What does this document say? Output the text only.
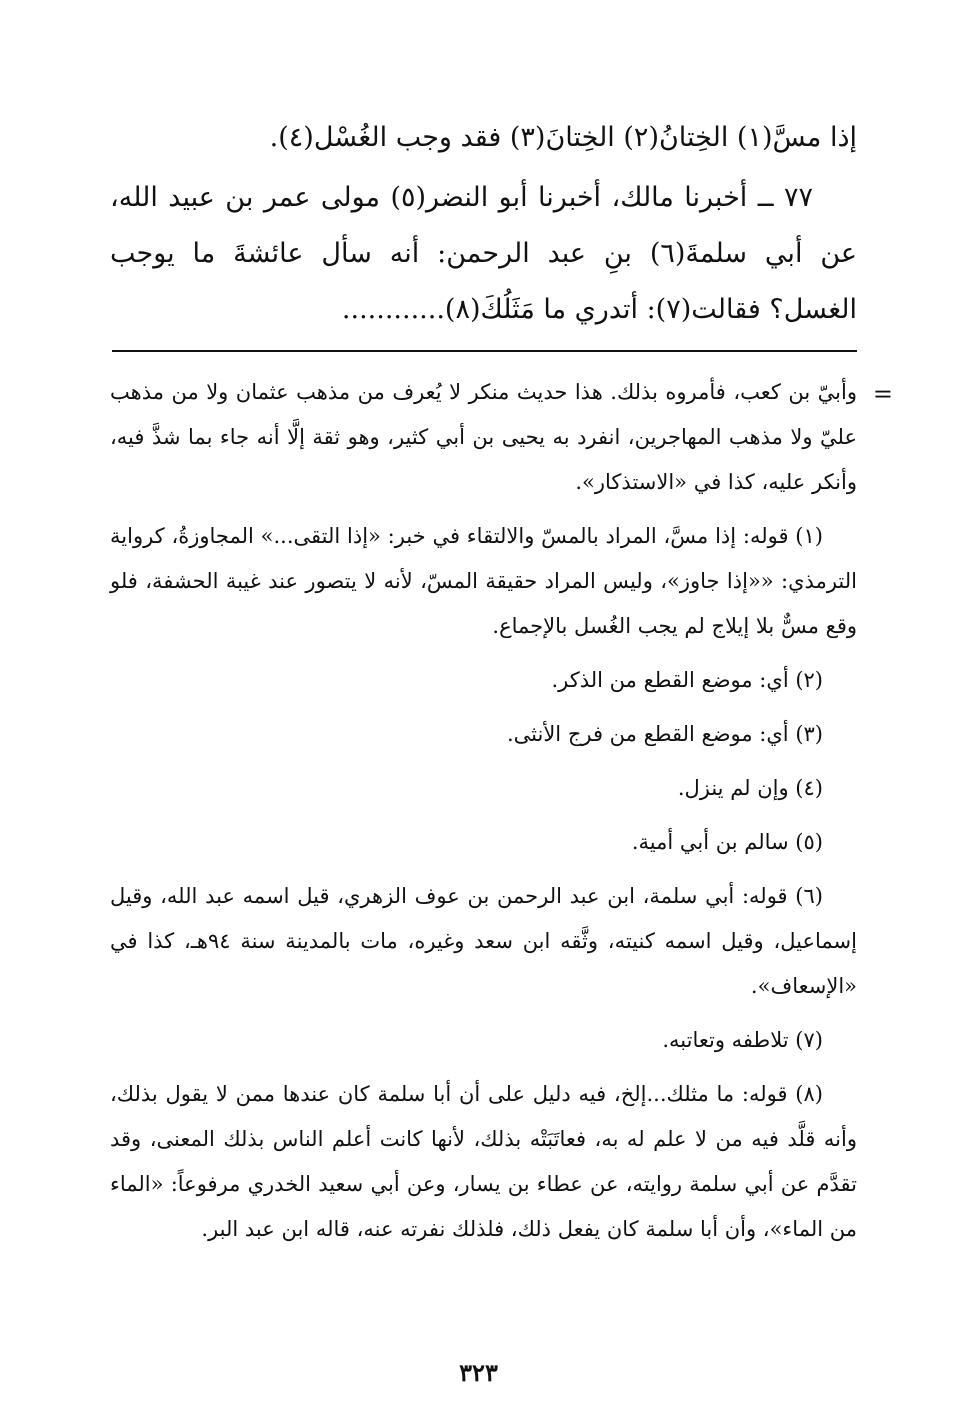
إذا مسَّ(١) الخِتانُ(٢) الخِتانَ(٣) فقد وجب الغُسْل(٤).

٧٧ ــ أخبرنا مالك، أخبرنا أبو النضر(٥) مولى عمر بن عبيد الله، عن أبي سلمةَ(٦) بنِ عبد الرحمن: أنه سأل عائشةَ ما يوجب الغسل؟ فقالت(٧): أتدري ما مَثَلُكَ(٨)............

=

وأبيّ بن كعب، فأمروه بذلك. هذا حديث منكر لا يُعرف من مذهب عثمان ولا من مذهب عليّ ولا مذهب المهاجرين، انفرد به يحيى بن أبي كثير، وهو ثقة إلَّا أنه جاء بما شذَّ فيه، وأنكر عليه، كذا في «الاستذكار».

(١) قوله: إذا مسَّ، المراد بالمسّ والالتقاء في خبر: «إذا التقى...» المجاوزةُ، كرواية الترمذي: ««إذا جاوز»، وليس المراد حقيقة المسّ، لأنه لا يتصور عند غيبة الحشفة، فلو وقع مسٌّ بلا إيلاج لم يجب الغُسل بالإجماع.

(٢) أي: موضع القطع من الذكر.

(٣) أي: موضع القطع من فرج الأنثى.

(٤) وإن لم ينزل.

(٥) سالم بن أبي أمية.

(٦) قوله: أبي سلمة، ابن عبد الرحمن بن عوف الزهري، قيل اسمه عبد الله، وقيل إسماعيل، وقيل اسمه كنيته، وثَّقه ابن سعد وغيره، مات بالمدينة سنة ٩٤هـ، كذا في «الإسعاف».

(٧) تلاطفه وتعاتبه.

(٨) قوله: ما مثلك...إلخ، فيه دليل على أن أبا سلمة كان عندها ممن لا يقول بذلك، وأنه قلَّد فيه من لا علم له به، فعاتَبَتْه بذلك، لأنها كانت أعلم الناس بذلك المعنى، وقد تقدَّم عن أبي سلمة روايته، عن عطاء بن يسار، وعن أبي سعيد الخدري مرفوعاً: «الماء من الماء»، وأن أبا سلمة كان يفعل ذلك، فلذلك نفرته عنه، قاله ابن عبد البر.

٣٢٣
